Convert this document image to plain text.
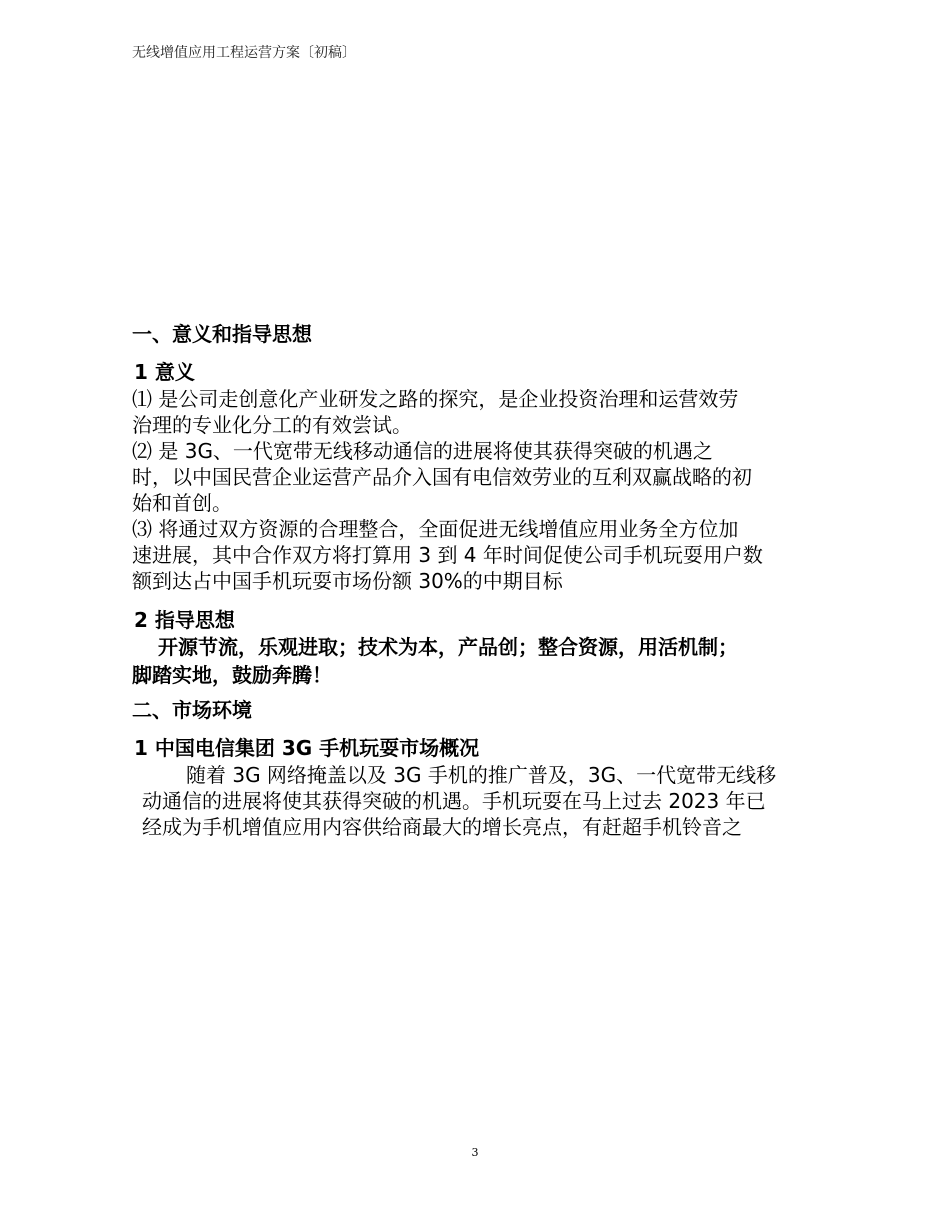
无线增值应用工程运营方案〔初稿〕
一、意义和指导思想
1 意义
⑴ 是公司走创意化产业研发之路的探究，是企业投资治理和运营效劳
治理的专业化分工的有效尝试。
⑵ 是 3G、一代宽带无线移动通信的进展将使其获得突破的机遇之
时，以中国民营企业运营产品介入国有电信效劳业的互利双赢战略的初
始和首创。
⑶ 将通过双方资源的合理整合，全面促进无线增值应用业务全方位加
速进展，其中合作双方将打算用 3 到 4 年时间促使公司手机玩耍用户数
额到达占中国手机玩耍市场份额 30%的中期目标
2 指导思想
开源节流，乐观进取；技术为本，产品创；整合资源，用活机制；
脚踏实地，鼓励奔腾！
二、市场环境
1 中国电信集团 3G 手机玩耍市场概况
随着 3G 网络掩盖以及 3G 手机的推广普及，3G、一代宽带无线移
动通信的进展将使其获得突破的机遇。手机玩耍在马上过去 2023 年已
经成为手机增值应用内容供给商最大的增长亮点，有赶超手机铃音之
3
